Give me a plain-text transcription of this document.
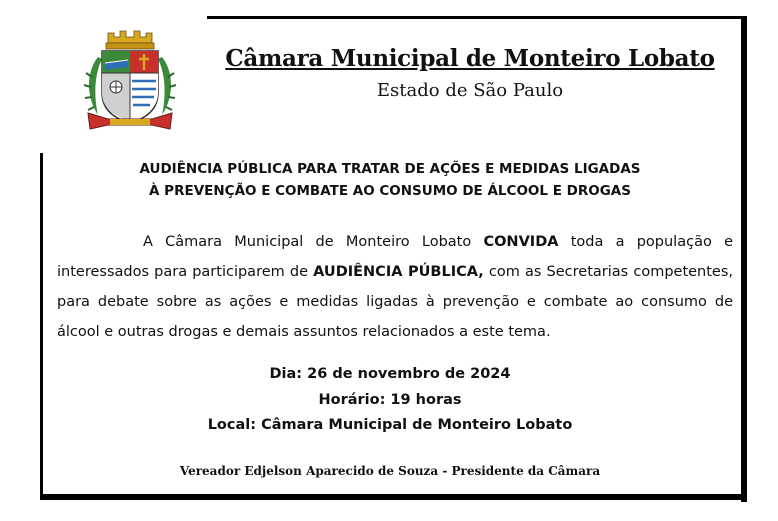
Câmara Municipal de Monteiro Lobato
Estado de São Paulo
AUDIÊNCIA PÚBLICA PARA TRATAR DE AÇÕES E MEDIDAS LIGADAS
À PREVENÇÃO E COMBATE AO CONSUMO DE ÁLCOOL E DROGAS
A Câmara Municipal de Monteiro Lobato CONVIDA toda a população e interessados para participarem de AUDIÊNCIA PÚBLICA, com as Secretarias competentes, para debate sobre as ações e medidas ligadas à prevenção e combate ao consumo de álcool e outras drogas e demais assuntos relacionados a este tema.
Dia: 26 de novembro de 2024
Horário: 19 horas
Local: Câmara Municipal de Monteiro Lobato
Vereador Edjelson Aparecido de Souza - Presidente da Câmara
